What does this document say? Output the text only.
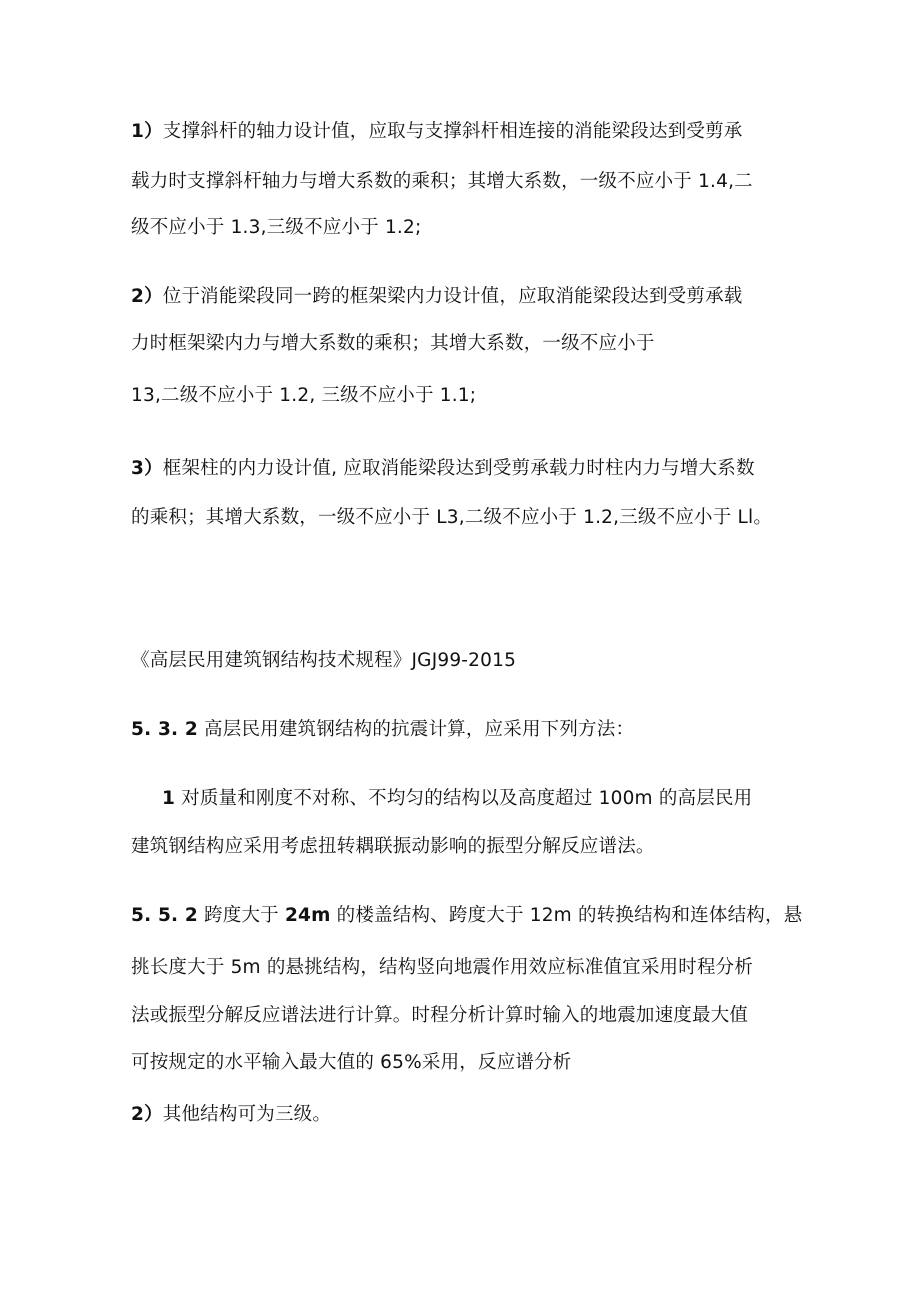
1）支撑斜杆的轴力设计值，应取与支撑斜杆相连接的消能梁段达到受剪承
载力时支撑斜杆轴力与增大系数的乘积；其增大系数，一级不应小于 1.4,二
级不应小于 1.3,三级不应小于 1.2;
2）位于消能梁段同一跨的框架梁内力设计值，应取消能梁段达到受剪承载
力时框架梁内力与增大系数的乘积；其增大系数，一级不应小于
13,二级不应小于 1.2, 三级不应小于 1.1;
3）框架柱的内力设计值, 应取消能梁段达到受剪承载力时柱内力与增大系数
的乘积；其增大系数，一级不应小于 L3,二级不应小于 1.2,三级不应小于 Ll。
《高层民用建筑钢结构技术规程》JGJ99-2015
5. 3. 2 高层民用建筑钢结构的抗震计算，应采用下列方法：
1 对质量和刚度不对称、不均匀的结构以及高度超过 100m 的高层民用
建筑钢结构应采用考虑扭转耦联振动影响的振型分解反应谱法。
5. 5. 2 跨度大于 24m 的楼盖结构、跨度大于 12m 的转换结构和连体结构，悬
挑长度大于 5m 的悬挑结构，结构竖向地震作用效应标准值宜采用时程分析
法或振型分解反应谱法进行计算。时程分析计算时输入的地震加速度最大值
可按规定的水平输入最大值的 65%采用，反应谱分析
2）其他结构可为三级。
